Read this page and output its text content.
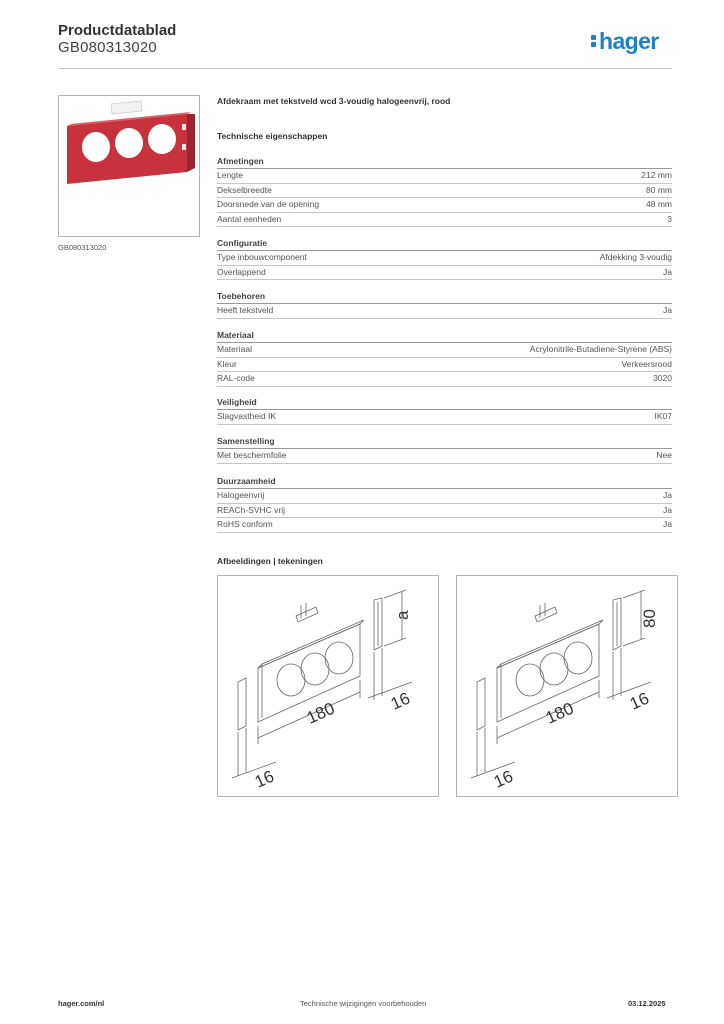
Productdatablad
GB080313020	hager
GB080313020
Afdekraam met tekstveld wcd 3-voudig halogeenvrij, rood
Technische eigenschappen
Afmetingen
Lengte	212 mm
Dekselbreedte	80 mm
Doorsnede van de opening	48 mm
Aantal eenheden	3
Configuratie
Type inbouwcomponent	Afdekking 3-voudig
Overlappend	Ja
Toebehoren
Heeft tekstveld	Ja
Materiaal
Materiaal	Acrylonitrile-Butadiene-Styrene (ABS)
Kleur	Verkeersrood
RAL-code	3020
Veiligheid
Slagvastheid IK	IK07
Samenstelling
Met beschermfolie	Nee
Duurzaamheid
Halogeenvrij	Ja
REACh-SVHC vrij	Ja
RoHS conform	Ja
Afbeeldingen | tekeningen
180
a
16
16
180
80
16
16
hager.com/nl	Technische wijzigingen voorbehouden	03.12.2025
